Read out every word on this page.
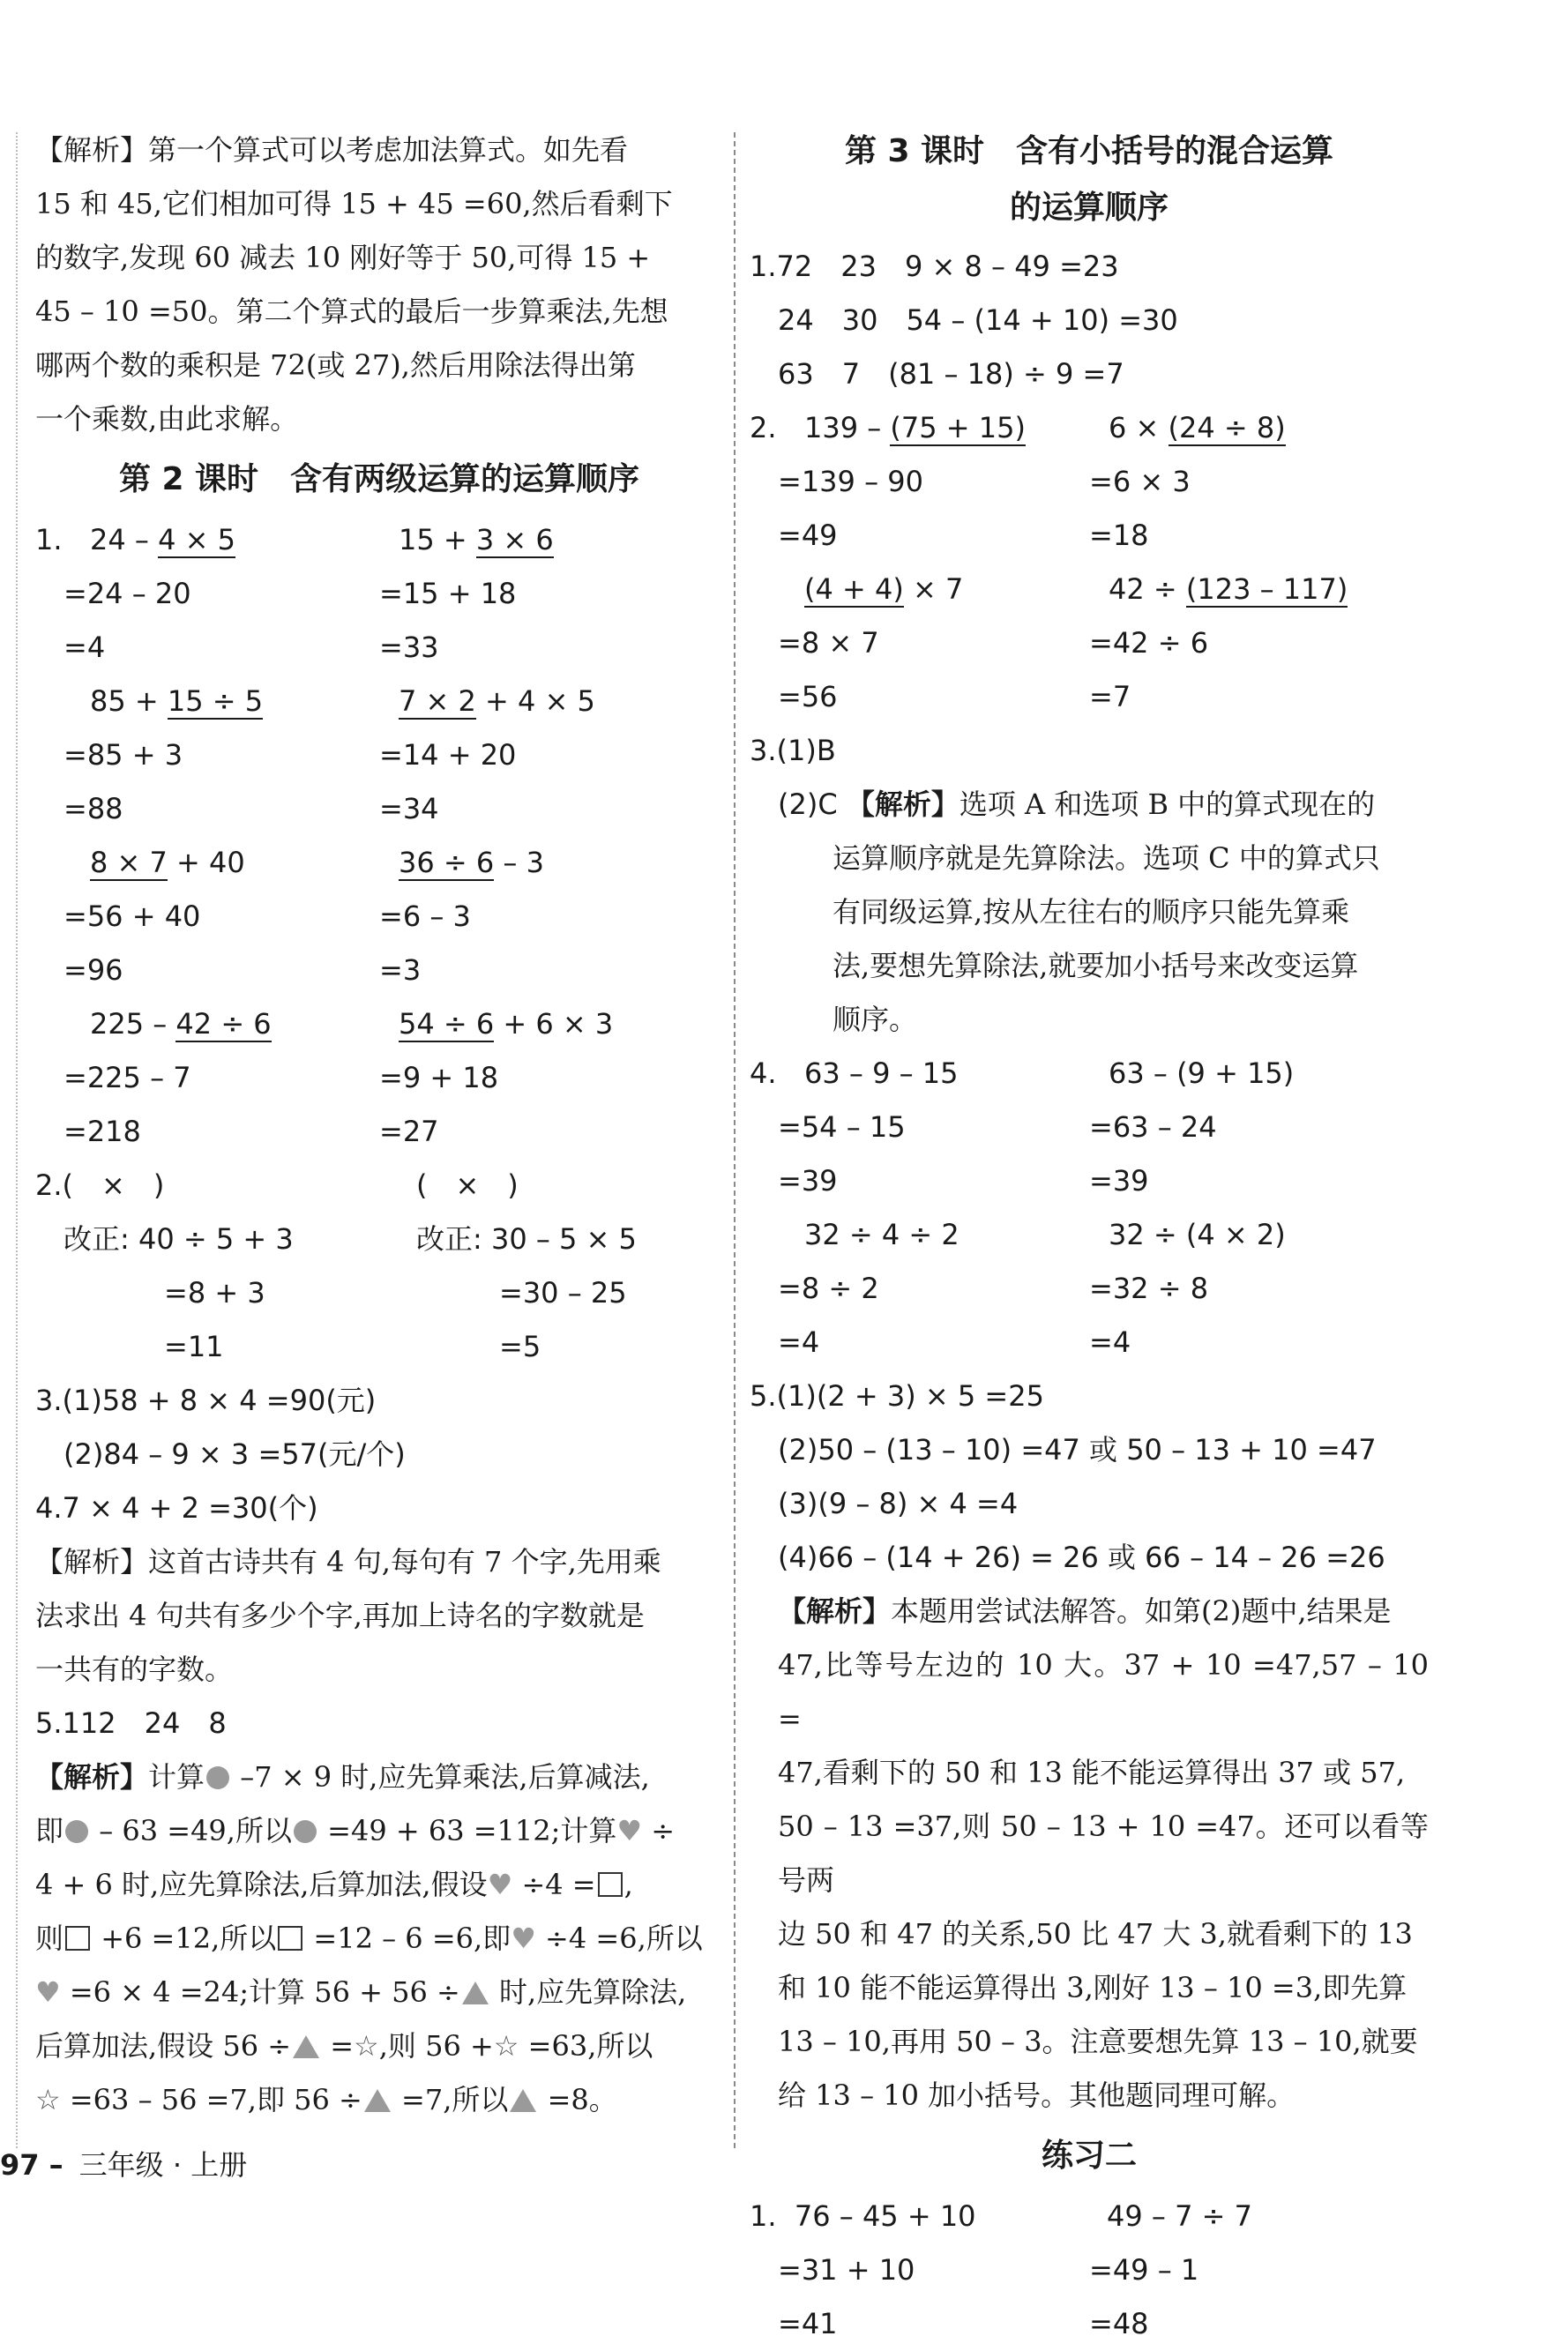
【解析】第一个算式可以考虑加法算式。如先看
15 和 45,它们相加可得 15 + 45 =60,然后看剩下
的数字,发现 60 减去 10 刚好等于 50,可得 15 +
45 – 10 =50。第二个算式的最后一步算乘法,先想
哪两个数的乘积是 72(或 27),然后用除法得出第
一个乘数,由此求解。
第 2 课时　含有两级运算的运算顺序
1. 24 – 4 × 5
=24 – 20
=4
15 + 3 × 6
=15 + 18
=33
85 + 15 ÷ 5
=85 + 3
=88
7 × 2 + 4 × 5
=14 + 20
=34
8 × 7 + 40
=56 + 40
=96
36 ÷ 6 – 3
=6 – 3
=3
225 – 42 ÷ 6
=225 – 7
=218
54 ÷ 6 + 6 × 3
=9 + 18
=27
2.(　×　)	(　×　)
改正: 40 ÷ 5 + 3
=8 + 3
=11
改正: 30 – 5 × 5
=30 – 25
=5
3.(1)58 + 8 × 4 =90(元)
(2)84 – 9 × 3 =57(元/个)
4.7 × 4 + 2 =30(个)
【解析】这首古诗共有 4 句,每句有 7 个字,先用乘
法求出 4 句共有多少个字,再加上诗名的字数就是
一共有的字数。
5.112　24　8
【解析】计算 –7 × 9 时,应先算乘法,后算减法,
即 – 63 =49,所以 =49 + 63 =112;计算♥ ÷
4 + 6 时,应先算除法,后算加法,假设♥ ÷4 = ,
则 +6 =12,所以 =12 – 6 =6,即♥ ÷4 =6,所以
♥ =6 × 4 =24;计算 56 + 56 ÷ 时,应先算除法,
后算加法,假设 56 ÷ =☆,则 56 +☆ =63,所以
☆ =63 – 56 =7,即 56 ÷ =7,所以 =8。
第 3 课时　含有小括号的混合运算
的运算顺序
1.72　23　9 × 8 – 49 =23
24　30　54 – (14 + 10) =30
63　7　(81 – 18) ÷ 9 =7
2. 139 – (75 + 15)
=139 – 90
=49
6 × (24 ÷ 8)
=6 × 3
=18
(4 + 4) × 7
=8 × 7
=56
42 ÷ (123 – 117)
=42 ÷ 6
=7
3.(1)B
(2)C 【解析】选项 A 和选项 B 中的算式现在的
运算顺序就是先算除法。选项 C 中的算式只
有同级运算,按从左往右的顺序只能先算乘
法,要想先算除法,就要加小括号来改变运算
顺序。
4. 63 – 9 – 15
=54 – 15
=39
63 – (9 + 15)
=63 – 24
=39
32 ÷ 4 ÷ 2
=8 ÷ 2
=4
32 ÷ (4 × 2)
=32 ÷ 8
=4
5.(1)(2 + 3) × 5 =25
(2)50 – (13 – 10) =47 或 50 – 13 + 10 =47
(3)(9 – 8) × 4 =4
(4)66 – (14 + 26) = 26 或 66 – 14 – 26 =26
【解析】本题用尝试法解答。如第(2)题中,结果是
47,比等号左边的 10 大。37 + 10 =47,57 – 10 =
47,看剩下的 50 和 13 能不能运算得出 37 或 57,
50 – 13 =37,则 50 – 13 + 10 =47。还可以看等号两
边 50 和 47 的关系,50 比 47 大 3,就看剩下的 13
和 10 能不能运算得出 3,刚好 13 – 10 =3,即先算
13 – 10,再用 50 – 3。注意要想先算 13 – 10,就要
给 13 – 10 加小括号。其他题同理可解。
练习二
1. 76 – 45 + 10
=31 + 10
=41
49 – 7 ÷ 7
=49 – 1
=48
97 – 三年级 · 上册
